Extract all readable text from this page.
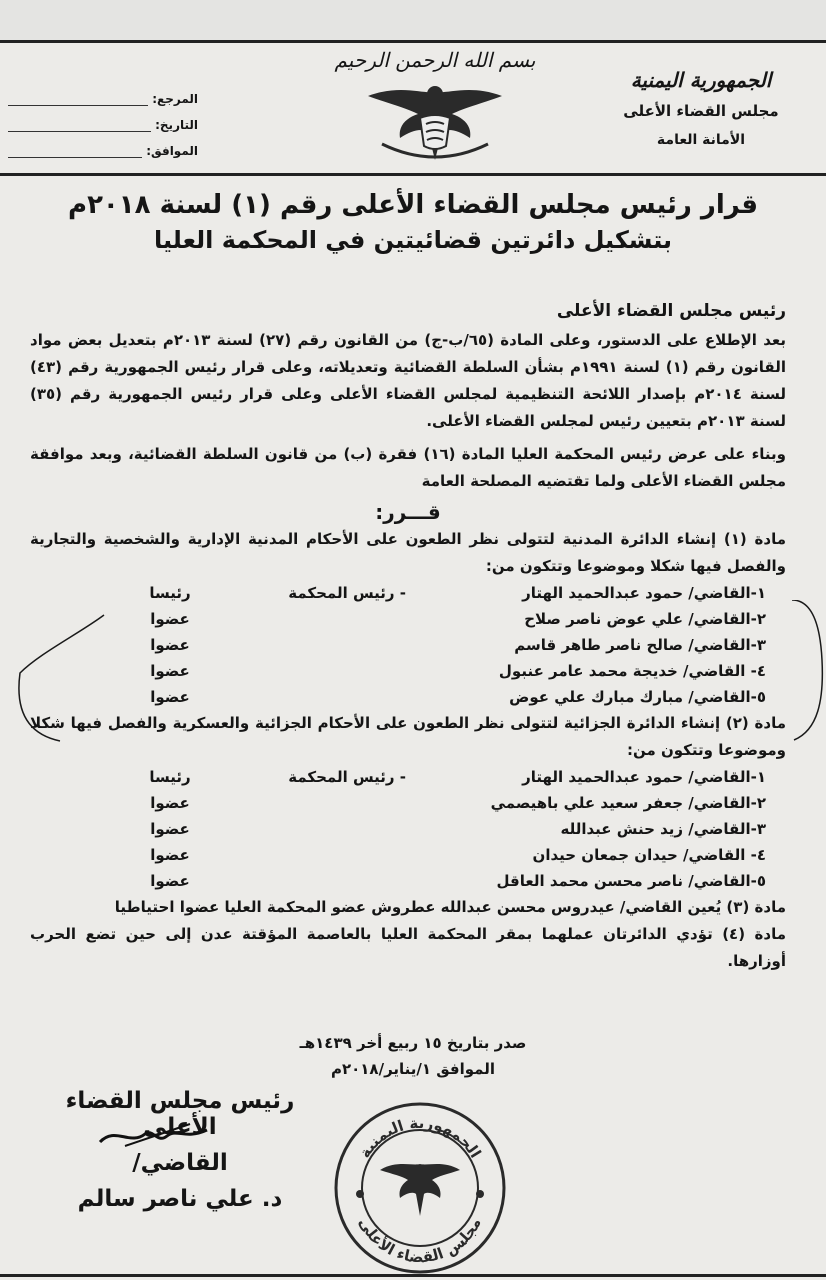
الجمهورية اليمنية
مجلس القضاء الأعلى
الأمانة العامة
بسم الله الرحمن الرحيم
المرجع:
التاريخ:
الموافق:
قرار رئيس مجلس القضاء الأعلى رقم (١) لسنة ٢٠١٨م
بتشكيل دائرتين قضائيتين في المحكمة العليا

رئيس مجلس القضاء الأعلى

بعد الإطلاع على الدستور، وعلى المادة (٦٥/ب-ج) من القانون رقم (٢٧) لسنة ٢٠١٣م بتعديل بعض مواد القانون رقم (١) لسنة ١٩٩١م بشأن السلطة القضائية وتعديلاته، وعلى قرار رئيس الجمهورية رقم (٤٣) لسنة ٢٠١٤م بإصدار اللائحة التنظيمية لمجلس القضاء الأعلى وعلى قرار رئيس الجمهورية رقم (٣٥) لسنة ٢٠١٣م بتعيين رئيس لمجلس القضاء الأعلى.

وبناء على عرض رئيس المحكمة العليا المادة (١٦) فقرة (ب) من قانون السلطة القضائية، وبعد موافقة مجلس القضاء الأعلى ولما تقتضيه المصلحة العامة

قـــرر:

مادة (١) إنشاء الدائرة المدنية لتتولى نظر الطعون على الأحكام المدنية الإدارية والشخصية والتجارية والفصل فيها شكلا وموضوعا وتتكون من:

١-القاضي/ حمود عبدالحميد الهتار
- رئيس المحكمة
رئيسا
٢-القاضي/ علي عوض ناصر صلاح
عضوا
٣-القاضي/ صالح ناصر طاهر قاسم
عضوا
٤- القاضي/ خديجة محمد عامر عنبول
عضوا
٥-القاضي/ مبارك مبارك علي عوض
عضوا

مادة (٢) إنشاء الدائرة الجزائية لتتولى نظر الطعون على الأحكام الجزائية والعسكرية والفصل فيها شكلا وموضوعا وتتكون من:

١-القاضي/ حمود عبدالحميد الهتار
- رئيس المحكمة
رئيسا
٢-القاضي/ جعفر سعيد علي باهيصمي
عضوا
٣-القاضي/ زيد حنش عبدالله
عضوا
٤- القاضي/ حيدان جمعان حيدان
عضوا
٥-القاضي/ ناصر محسن محمد العاقل
عضوا

مادة (٣) يُعين القاضي/ عيدروس محسن عبدالله عطروش عضو المحكمة العليا عضوا احتياطيا

مادة (٤) تؤدي الدائرتان عملهما بمقر المحكمة العليا بالعاصمة المؤقتة عدن إلى حين تضع الحرب أوزارها.

صدر بتاريخ ١٥ ربيع أخر ١٤٣٩هـ
الموافق ١/يناير/٢٠١٨م
رئيس مجلس القضاء الأعلى
القاضي/
د. علي ناصر سالم
الجمهورية اليمنية
مجلس القضاء الأعلى
